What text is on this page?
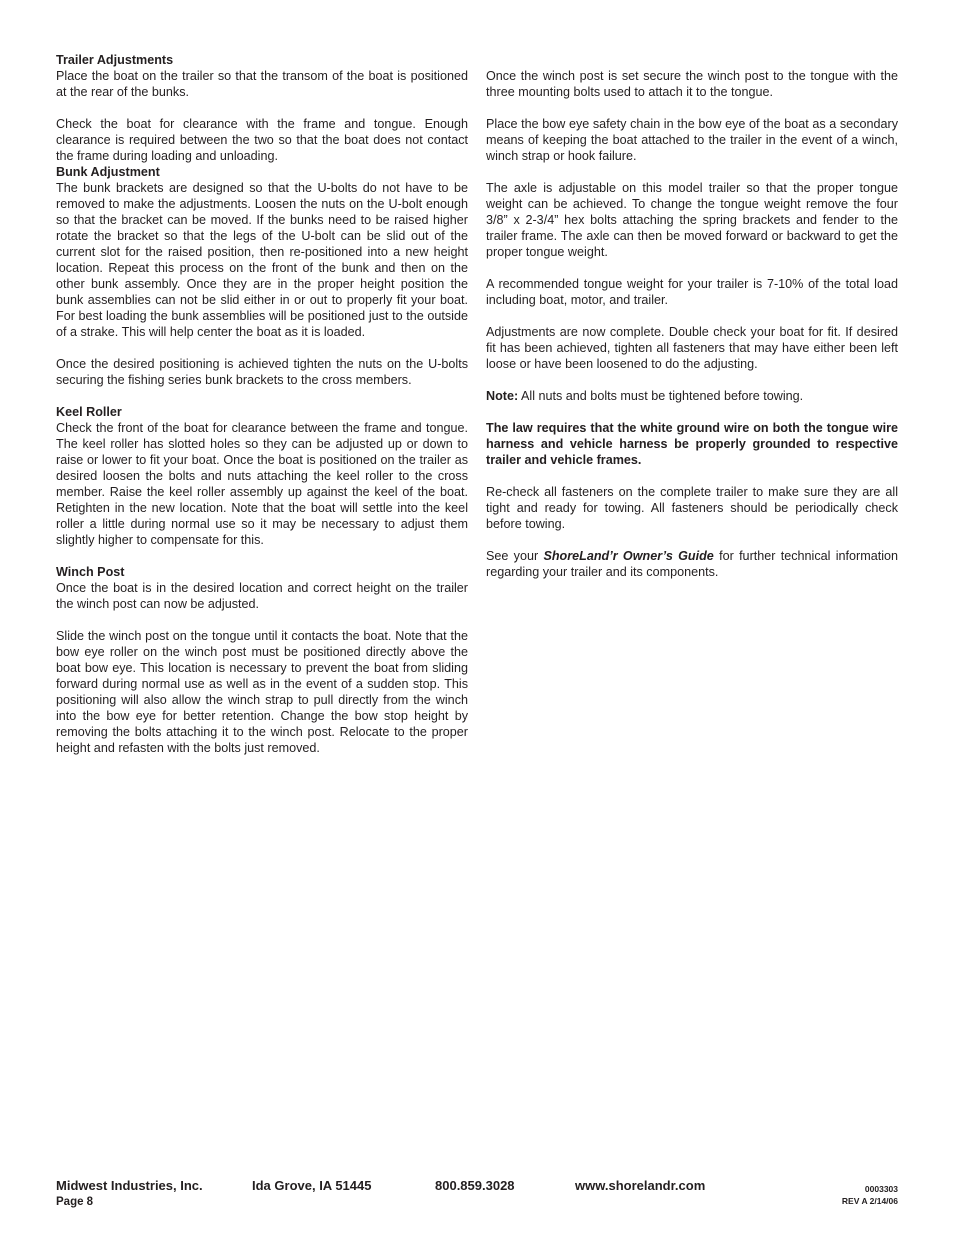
Trailer Adjustments

Place the boat on the trailer so that the transom of the boat is positioned at the rear of the bunks.

Check the boat for clearance with the frame and tongue. Enough clearance is required between the two so that the boat does not contact the frame during loading and unloading.

Bunk Adjustment

The bunk brackets are designed so that the U-bolts do not have to be removed to make the adjustments. Loosen the nuts on the U-bolt enough so that the bracket can be moved. If the bunks need to be raised higher rotate the bracket so that the legs of the U-bolt can be slid out of the current slot for the raised position, then re-positioned into a new height location. Repeat this process on the front of the bunk and then on the other bunk assembly. Once they are in the proper height position the bunk assemblies can not be slid either in or out to properly fit your boat. For best loading the bunk assemblies will be positioned just to the outside of a strake. This will help center the boat as it is loaded.

Once the desired positioning is achieved tighten the nuts on the U-bolts securing the fishing series bunk brackets to the cross members.

Keel Roller

Check the front of the boat for clearance between the frame and tongue. The keel roller has slotted holes so they can be adjusted up or down to raise or lower to fit your boat. Once the boat is positioned on the trailer as desired loosen the bolts and nuts attaching the keel roller to the cross member. Raise the keel roller assembly up against the keel of the boat. Retighten in the new location. Note that the boat will settle into the keel roller a little during normal use so it may be necessary to adjust them slightly higher to compensate for this.

Winch Post

Once the boat is in the desired location and correct height on the trailer the winch post can now be adjusted.

Slide the winch post on the tongue until it contacts the boat. Note that the bow eye roller on the winch post must be positioned directly above the boat bow eye. This location is necessary to prevent the boat from sliding forward during normal use as well as in the event of a sudden stop. This positioning will also allow the winch strap to pull directly from the winch into the bow eye for better retention. Change the bow stop height by removing the bolts attaching it to the winch post. Relocate to the proper height and refasten with the bolts just removed.

Once the winch post is set secure the winch post to the tongue with the three mounting bolts used to attach it to the tongue.

Place the bow eye safety chain in the bow eye of the boat as a secondary means of keeping the boat attached to the trailer in the event of a winch, winch strap or hook failure.

The axle is adjustable on this model trailer so that the proper tongue weight can be achieved. To change the tongue weight remove the four 3/8” x 2-3/4” hex bolts attaching the spring brackets and fender to the trailer frame. The axle can then be moved forward or backward to get the proper tongue weight.

A recommended tongue weight for your trailer is 7-10% of the total load including boat, motor, and trailer.

Adjustments are now complete. Double check your boat for fit. If desired fit has been achieved, tighten all fasteners that may have either been left loose or have been loosened to do the adjusting.

Note: All nuts and bolts must be tightened before towing.

The law requires that the white ground wire on both the tongue wire harness and vehicle harness be properly grounded to respective trailer and vehicle frames.

Re-check all fasteners on the complete trailer to make sure they are all tight and ready for towing. All fasteners should be periodically check before towing.

See your ShoreLand’r Owner’s Guide for further technical information regarding your trailer and its components.

Midwest Industries, Inc.	Ida Grove, IA 51445	800.859.3028	www.shorelandr.com
Page 8
0003303
REV A 2/14/06
